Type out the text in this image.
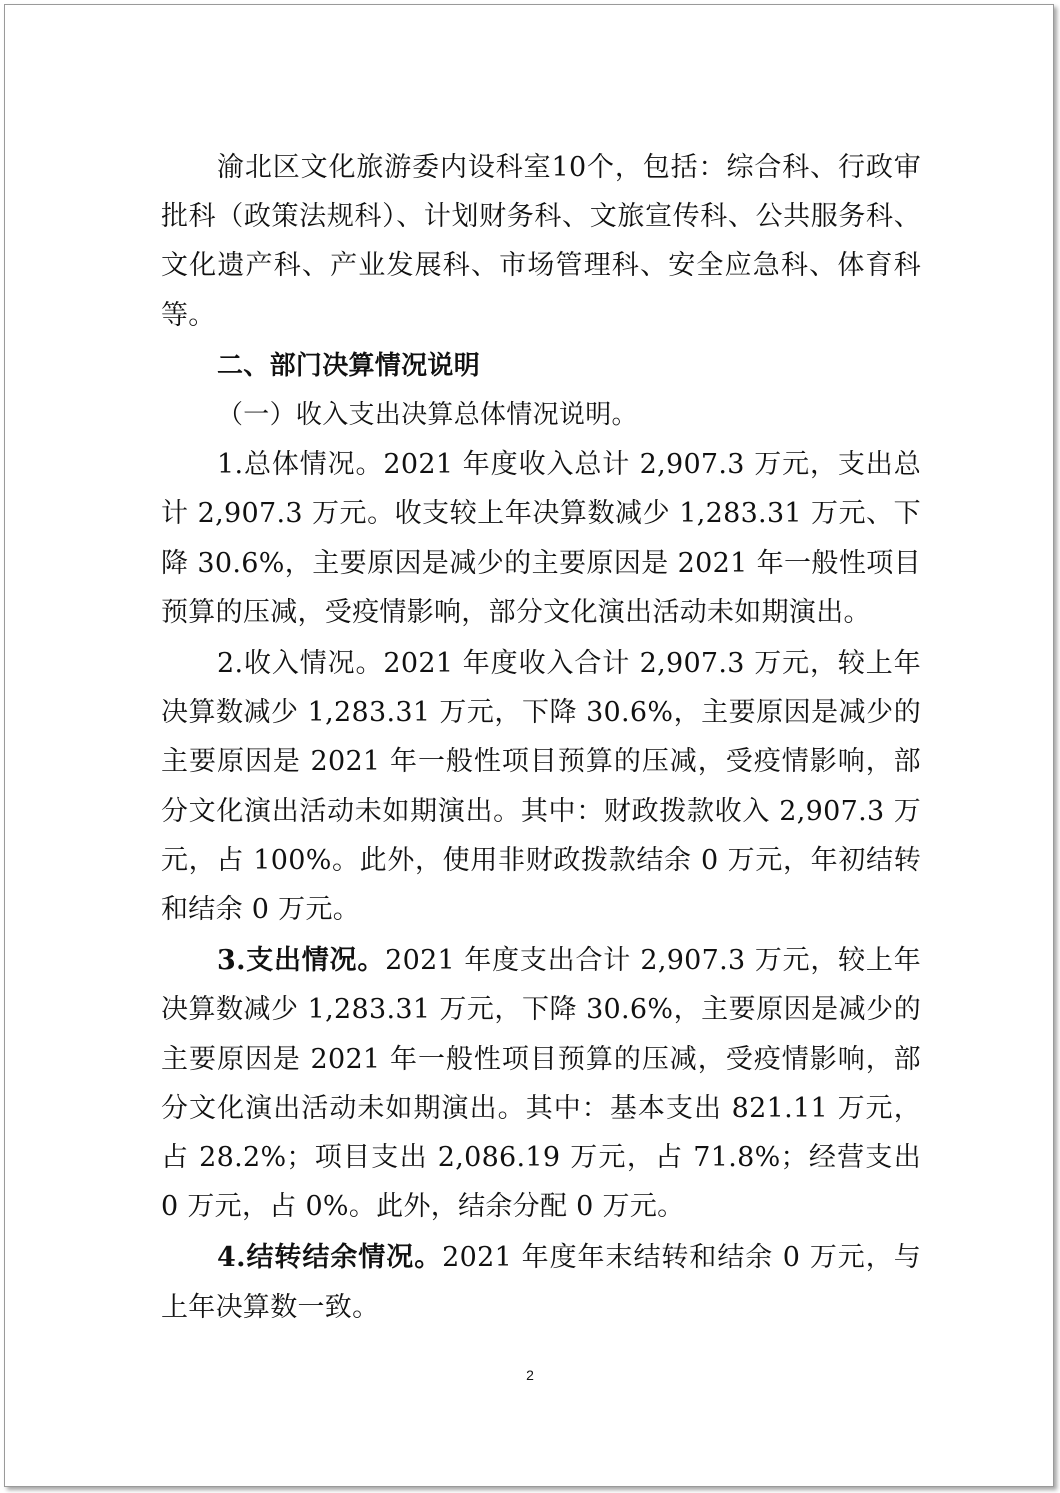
渝北区文化旅游委内设科室10个，包括：综合科、行政审批科（政策法规科）、计划财务科、文旅宣传科、公共服务科、文化遗产科、产业发展科、市场管理科、安全应急科、体育科等。

二、部门决算情况说明

（一）收入支出决算总体情况说明。

1.总体情况。2021 年度收入总计 2,907.3 万元，支出总计 2,907.3 万元。收支较上年决算数减少 1,283.31 万元、下降 30.6%，主要原因是减少的主要原因是 2021 年一般性项目预算的压减，受疫情影响，部分文化演出活动未如期演出。

2.收入情况。2021 年度收入合计 2,907.3 万元，较上年决算数减少 1,283.31 万元，下降 30.6%，主要原因是减少的主要原因是 2021 年一般性项目预算的压减，受疫情影响，部分文化演出活动未如期演出。其中：财政拨款收入 2,907.3 万元，占 100%。此外，使用非财政拨款结余 0 万元，年初结转和结余 0 万元。

3.支出情况。2021 年度支出合计 2,907.3 万元，较上年决算数减少 1,283.31 万元，下降 30.6%，主要原因是减少的主要原因是 2021 年一般性项目预算的压减，受疫情影响，部分文化演出活动未如期演出。其中：基本支出 821.11 万元，占 28.2%；项目支出 2,086.19 万元，占 71.8%；经营支出 0 万元，占 0%。此外，结余分配 0 万元。

4.结转结余情况。2021 年度年末结转和结余 0 万元，与上年决算数一致。

2
